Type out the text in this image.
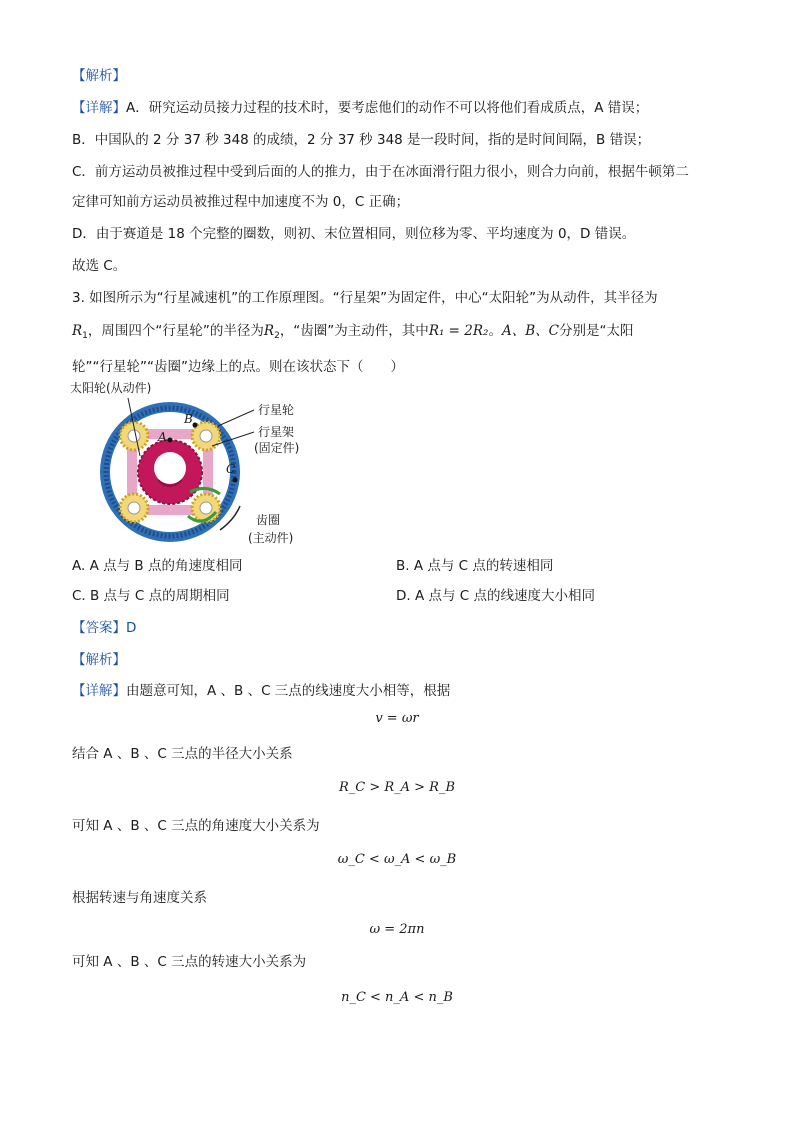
【解析】
【详解】A．研究运动员接力过程的技术时，要考虑他们的动作不可以将他们看成质点，A 错误；
B．中国队的 2 分 37 秒 348 的成绩，2 分 37 秒 348 是一段时间，指的是时间间隔，B 错误；
C．前方运动员被推过程中受到后面的人的推力，由于在冰面滑行阻力很小，则合力向前，根据牛顿第二
定律可知前方运动员被推过程中加速度不为 0，C 正确；
D．由于赛道是 18 个完整的圈数，则初、末位置相同，则位移为零、平均速度为 0，D 错误。
故选 C。
3. 如图所示为“行星减速机”的工作原理图。“行星架”为固定件，中心“太阳轮”为从动件，其半径为
$R_1$，周围四个“行星轮”的半径为$R_2$，“齿圈”为主动件，其中R₁ = 2R₂。A、B、C分别是“太阳
轮”“行星轮”“齿圈”边缘上的点。则在该状态下（　　）
太阳轮(从动件)
行星轮
行星架
(固定件)
齿圈
(主动件)
A
B
C
A. A 点与 B 点的角速度相同	B. A 点与 C 点的转速相同
C. B 点与 C 点的周期相同	D. A 点与 C 点的线速度大小相同
【答案】D
【解析】
【详解】由题意可知，A 、B 、C 三点的线速度大小相等，根据
v = ωr
结合 A 、B 、C 三点的半径大小关系
R_C > R_A > R_B
可知 A 、B 、C 三点的角速度大小关系为
ω_C < ω_A < ω_B
根据转速与角速度关系
ω = 2πn
可知 A 、B 、C 三点的转速大小关系为
n_C < n_A < n_B
